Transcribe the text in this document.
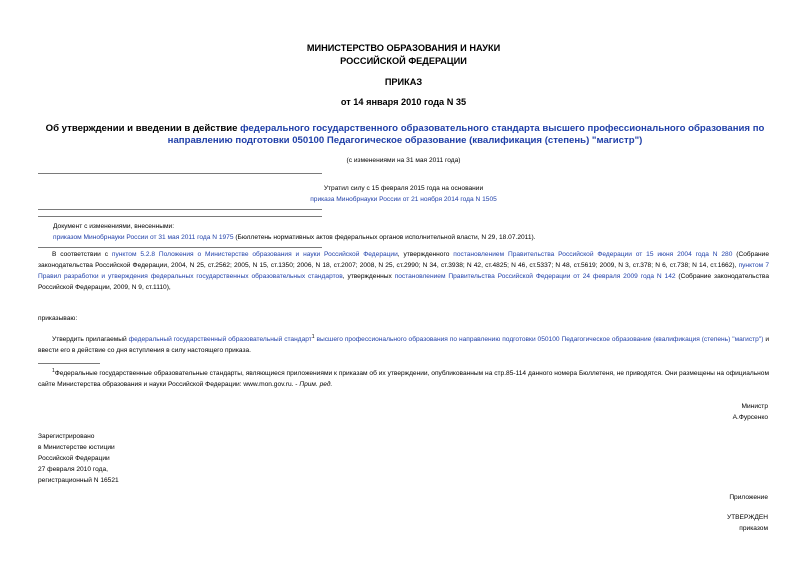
МИНИСТЕРСТВО ОБРАЗОВАНИЯ И НАУКИ
РОССИЙСКОЙ ФЕДЕРАЦИИ
ПРИКАЗ
от 14 января 2010 года N 35
Об утверждении и введении в действие федерального государственного образовательного стандарта высшего профессионального образования по направлению подготовки 050100 Педагогическое образование (квалификация (степень) "магистр")
(с изменениями на 31 мая 2011 года)
Утратил силу с 15 февраля 2015 года на основании
приказа Минобрнауки России от 21 ноября 2014 года N 1505
Документ с изменениями, внесенными:
приказом Минобрнауки России от 31 мая 2011 года N 1975 (Бюллетень нормативных актов федеральных органов исполнительной власти, N 29, 18.07.2011).
В соответствии с пунктом 5.2.8 Положения о Министерстве образования и науки Российской Федерации, утвержденного постановлением Правительства Российской Федерации от 15 июня 2004 года N 280 (Собрание законодательства Российской Федерации, 2004, N 25, ст.2562; 2005, N 15, ст.1350; 2006, N 18, ст.2007; 2008, N 25, ст.2990; N 34, ст.3938; N 42, ст.4825; N 46, ст.5337; N 48, ст.5619; 2009, N 3, ст.378; N 6, ст.738; N 14, ст.1662), пунктом 7 Правил разработки и утверждения федеральных государственных образовательных стандартов, утвержденных постановлением Правительства Российской Федерации от 24 февраля 2009 года N 142 (Собрание законодательства Российской Федерации, 2009, N 9, ст.1110),
приказываю:
Утвердить прилагаемый федеральный государственный образовательный стандарт$^1$ высшего профессионального образования по направлению подготовки 050100 Педагогическое образование (квалификация (степень) "магистр") и ввести его в действие со дня вступления в силу настоящего приказа.
$^1$Федеральные государственные образовательные стандарты, являющиеся приложениями к приказам об их утверждении, опубликованным на стр.85-114 данного номера Бюллетеня, не приводятся. Они размещены на официальном сайте Министерства образования и науки Российской Федерации: www.mon.gov.ru. - Прим. ред.
Министр
А.Фурсенко
Зарегистрировано
в Министерстве юстиции
Российской Федерации
27 февраля 2010 года,
регистрационный N 16521
Приложение
УТВЕРЖДЕН
приказом
